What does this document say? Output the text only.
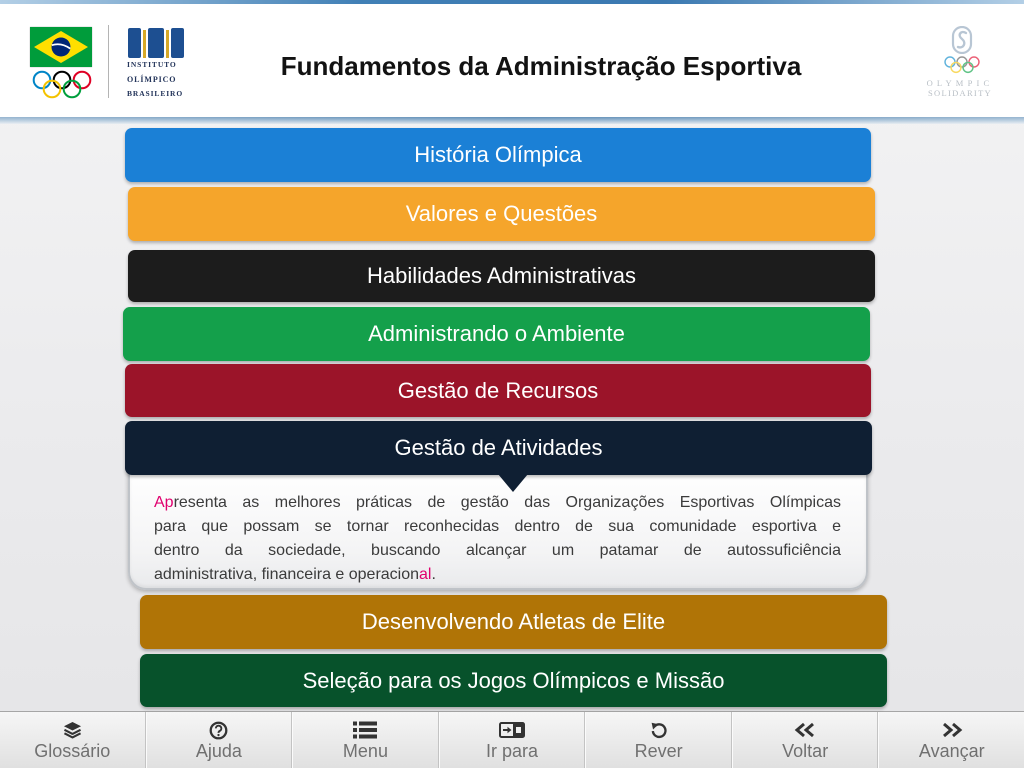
INSTITUTO
OLÍMPICO
BRASILEIRO
Fundamentos da Administração Esportiva
OLYMPIC
SOLIDARITY
História Olímpica
Valores e Questões
Habilidades Administrativas
Administrando o Ambiente
Gestão de Recursos
Gestão de Atividades
Apresenta as melhores práticas de gestão das Organizações Esportivas Olímpicas
para que possam se tornar reconhecidas dentro de sua comunidade esportiva e
dentro da sociedade, buscando alcançar um patamar de autossuficiência
administrativa, financeira e operacional.
Desenvolvendo Atletas de Elite
Seleção para os Jogos Olímpicos e Missão
Glossário	Ajuda	Menu	Ir para	Rever	Voltar	Avançar
